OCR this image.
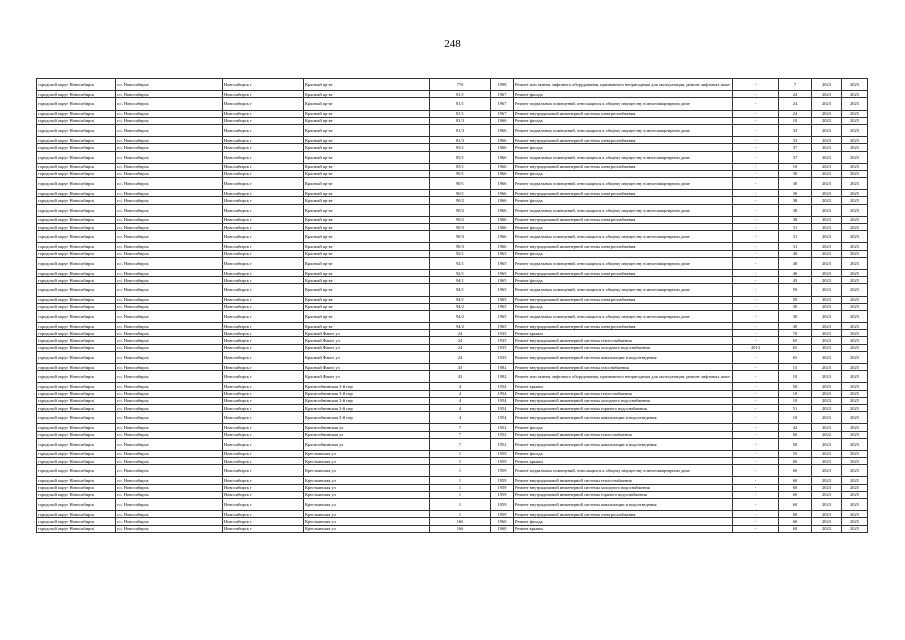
248
городской округ Новосибирск	г.о. Новосибирск	Новосибирск г	Красный пр-кт	77б	1998	Ремонт или замена лифтового оборудования, признанного непригодным для эксплуатации, ремонт лифтовых шахт	-	7	2023	2025
городской округ Новосибирск	г.о. Новосибирск	Новосибирск г	Красный пр-кт	81/1	1967	Ремонт фасада	-	24	2023	2025
городской округ Новосибирск	г.о. Новосибирск	Новосибирск г	Красный пр-кт	81/1	1967	Ремонт подвальных помещений, относящихся к общему имуществу в многоквартирном доме	-	24	2023	2025
городской округ Новосибирск	г.о. Новосибирск	Новосибирск г	Красный пр-кт	81/1	1967	Ремонт внутридомовой инженерной системы электроснабжения	-	24	2023	2025
городской округ Новосибирск	г.о. Новосибирск	Новосибирск г	Красный пр-кт	81/3	1966	Ремонт фасада	-	10	2023	2025
городской округ Новосибирск	г.о. Новосибирск	Новосибирск г	Красный пр-кт	81/3	1966	Ремонт подвальных помещений, относящихся к общему имуществу в многоквартирном доме	-	33	2023	2025
городской округ Новосибирск	г.о. Новосибирск	Новосибирск г	Красный пр-кт	81/3	1966	Ремонт внутридомовой инженерной системы электроснабжения	-	33	2023	2025
городской округ Новосибирск	г.о. Новосибирск	Новосибирск г	Красный пр-кт	85/1	1966	Ремонт фасада	-	37	2023	2025
городской округ Новосибирск	г.о. Новосибирск	Новосибирск г	Красный пр-кт	85/1	1966	Ремонт подвальных помещений, относящихся к общему имуществу в многоквартирном доме	-	37	2023	2025
городской округ Новосибирск	г.о. Новосибирск	Новосибирск г	Красный пр-кт	85/1	1966	Ремонт внутридомовой инженерной системы электроснабжения	-	10	2023	2025
городской округ Новосибирск	г.о. Новосибирск	Новосибирск г	Красный пр-кт	90/1	1966	Ремонт фасада	-	30	2023	2025
городской округ Новосибирск	г.о. Новосибирск	Новосибирск г	Красный пр-кт	90/1	1966	Ремонт подвальных помещений, относящихся к общему имуществу в многоквартирном доме	-	30	2023	2025
городской округ Новосибирск	г.о. Новосибирск	Новосибирск г	Красный пр-кт	90/1	1966	Ремонт внутридомовой инженерной системы электроснабжения	-	30	2023	2025
городской округ Новосибирск	г.о. Новосибирск	Новосибирск г	Красный пр-кт	90/2	1966	Ремонт фасада	-	38	2023	2025
городской округ Новосибирск	г.о. Новосибирск	Новосибирск г	Красный пр-кт	90/2	1966	Ремонт подвальных помещений, относящихся к общему имуществу в многоквартирном доме	-	38	2023	2025
городской округ Новосибирск	г.о. Новосибирск	Новосибирск г	Красный пр-кт	90/2	1966	Ремонт внутридомовой инженерной системы электроснабжения	-	38	2023	2025
городской округ Новосибирск	г.о. Новосибирск	Новосибирск г	Красный пр-кт	90/3	1966	Ремонт фасада	-	31	2023	2025
городской округ Новосибирск	г.о. Новосибирск	Новосибирск г	Красный пр-кт	90/3	1966	Ремонт подвальных помещений, относящихся к общему имуществу в многоквартирном доме	-	31	2023	2025
городской округ Новосибирск	г.о. Новосибирск	Новосибирск г	Красный пр-кт	90/3	1966	Ремонт внутридомовой инженерной системы электроснабжения	-	31	2023	2025
городской округ Новосибирск	г.о. Новосибирск	Новосибирск г	Красный пр-кт	92/1	1965	Ремонт фасада	-	40	2023	2025
городской округ Новосибирск	г.о. Новосибирск	Новосибирск г	Красный пр-кт	92/1	1965	Ремонт подвальных помещений, относящихся к общему имуществу в многоквартирном доме	-	40	2023	2025
городской округ Новосибирск	г.о. Новосибирск	Новосибирск г	Красный пр-кт	92/1	1965	Ремонт внутридомовой инженерной системы электроснабжения	-	40	2023	2025
городской округ Новосибирск	г.о. Новосибирск	Новосибирск г	Красный пр-кт	94/1	1965	Ремонт фасада	-	45	2023	2025
городской округ Новосибирск	г.о. Новосибирск	Новосибирск г	Красный пр-кт	94/1	1965	Ремонт подвальных помещений, относящихся к общему имуществу в многоквартирном доме	-	50	2023	2025
городской округ Новосибирск	г.о. Новосибирск	Новосибирск г	Красный пр-кт	94/1	1965	Ремонт внутридомовой инженерной системы электроснабжения	-	50	2023	2025
городской округ Новосибирск	г.о. Новосибирск	Новосибирск г	Красный пр-кт	94/2	1965	Ремонт фасада	-	30	2023	2025
городской округ Новосибирск	г.о. Новосибирск	Новосибирск г	Красный пр-кт	94/2	1965	Ремонт подвальных помещений, относящихся к общему имуществу в многоквартирном доме	-	30	2023	2025
городской округ Новосибирск	г.о. Новосибирск	Новосибирск г	Красный пр-кт	94/2	1965	Ремонт внутридомовой инженерной системы электроснабжения	-	30	2023	2025
городской округ Новосибирск	г.о. Новосибирск	Новосибирск г	Красный Факел ул	24	1935	Ремонт крыши	-	70	2023	2025
городской округ Новосибирск	г.о. Новосибирск	Новосибирск г	Красный Факел ул	24	1935	Ремонт внутридомовой инженерной системы теплоснабжения	-	65	2023	2025
городской округ Новосибирск	г.о. Новосибирск	Новосибирск г	Красный Факел ул	24	1935	Ремонт внутридомовой инженерной системы холодного водоснабжения	2013	65	2023	2025
городской округ Новосибирск	г.о. Новосибирск	Новосибирск г	Красный Факел ул	24	1935	Ремонт внутридомовой инженерной системы канализации и водоотведения	-	65	2023	2025
городской округ Новосибирск	г.о. Новосибирск	Новосибирск г	Красный Факел ул	43	1982	Ремонт внутридомовой инженерной системы газоснабжения	-	15	2023	2025
городской округ Новосибирск	г.о. Новосибирск	Новосибирск г	Красный Факел ул	43	1982	Ремонт или замена лифтового оборудования, признанного непригодным для эксплуатации, ремонт лифтовых шахт	-	10	2023	2025
городской округ Новосибирск	г.о. Новосибирск	Новосибирск г	Краснообнинская 3-й пер	4	1954	Ремонт крыши	-	50	2023	2025
городской округ Новосибирск	г.о. Новосибирск	Новосибирск г	Краснообнинская 3-й пер	4	1954	Ремонт внутридомовой инженерной системы теплоснабжения	-	10	2023	2025
городской округ Новосибирск	г.о. Новосибирск	Новосибирск г	Краснообнинская 3-й пер	4	1954	Ремонт внутридомовой инженерной системы холодного водоснабжения	-	10	2023	2025
городской округ Новосибирск	г.о. Новосибирск	Новосибирск г	Краснообнинская 3-й пер	4	1954	Ремонт внутридомовой инженерной системы горячего водоснабжения	-	51	2023	2025
городской округ Новосибирск	г.о. Новосибирск	Новосибирск г	Краснообнинская 3-й пер	4	1954	Ремонт внутридомовой инженерной системы канализации и водоотведения	-	10	2023	2025
городской округ Новосибирск	г.о. Новосибирск	Новосибирск г	Краснообнинская ул	7	1952	Ремонт фасада	-	42	2023	2025
городской округ Новосибирск	г.о. Новосибирск	Новосибирск г	Краснообнинская ул	7	1952	Ремонт внутридомовой инженерной системы теплоснабжения	-	60	2022	2025
городской округ Новосибирск	г.о. Новосибирск	Новосибирск г	Краснообнинская ул	7	1952	Ремонт внутридомовой инженерной системы канализации и водоотведения	-	50	2023	2025
городской округ Новосибирск	г.о. Новосибирск	Новосибирск г	Крестьянская ул	1	1959	Ремонт фасада	-	55	2023	2025
городской округ Новосибирск	г.о. Новосибирск	Новосибирск г	Крестьянская ул	1	1959	Ремонт крыши	-	60	2023	2025
городской округ Новосибирск	г.о. Новосибирск	Новосибирск г	Крестьянская ул	1	1959	Ремонт подвальных помещений, относящихся к общему имуществу в многоквартирном доме	-	60	2023	2025
городской округ Новосибирск	г.о. Новосибирск	Новосибирск г	Крестьянская ул	1	1959	Ремонт внутридомовой инженерной системы теплоснабжения	-	60	2023	2025
городской округ Новосибирск	г.о. Новосибирск	Новосибирск г	Крестьянская ул	1	1959	Ремонт внутридомовой инженерной системы холодного водоснабжения	-	60	2023	2025
городской округ Новосибирск	г.о. Новосибирск	Новосибирск г	Крестьянская ул	1	1959	Ремонт внутридомовой инженерной системы горячего водоснабжения	-	60	2023	2025
городской округ Новосибирск	г.о. Новосибирск	Новосибирск г	Крестьянская ул	1	1959	Ремонт внутридомовой инженерной системы канализации и водоотведения	-	60	2023	2025
городской округ Новосибирск	г.о. Новосибирск	Новосибирск г	Крестьянская ул	1	1959	Ремонт внутридомовой инженерной системы электроснабжения	-	60	2023	2025
городской округ Новосибирск	г.о. Новосибирск	Новосибирск г	Крестьянская ул	16б	1960	Ремонт фасада	-	60	2023	2025
городской округ Новосибирск	г.о. Новосибирск	Новосибирск г	Крестьянская ул	16б	1960	Ремонт крыши	-	60	2023	2025
